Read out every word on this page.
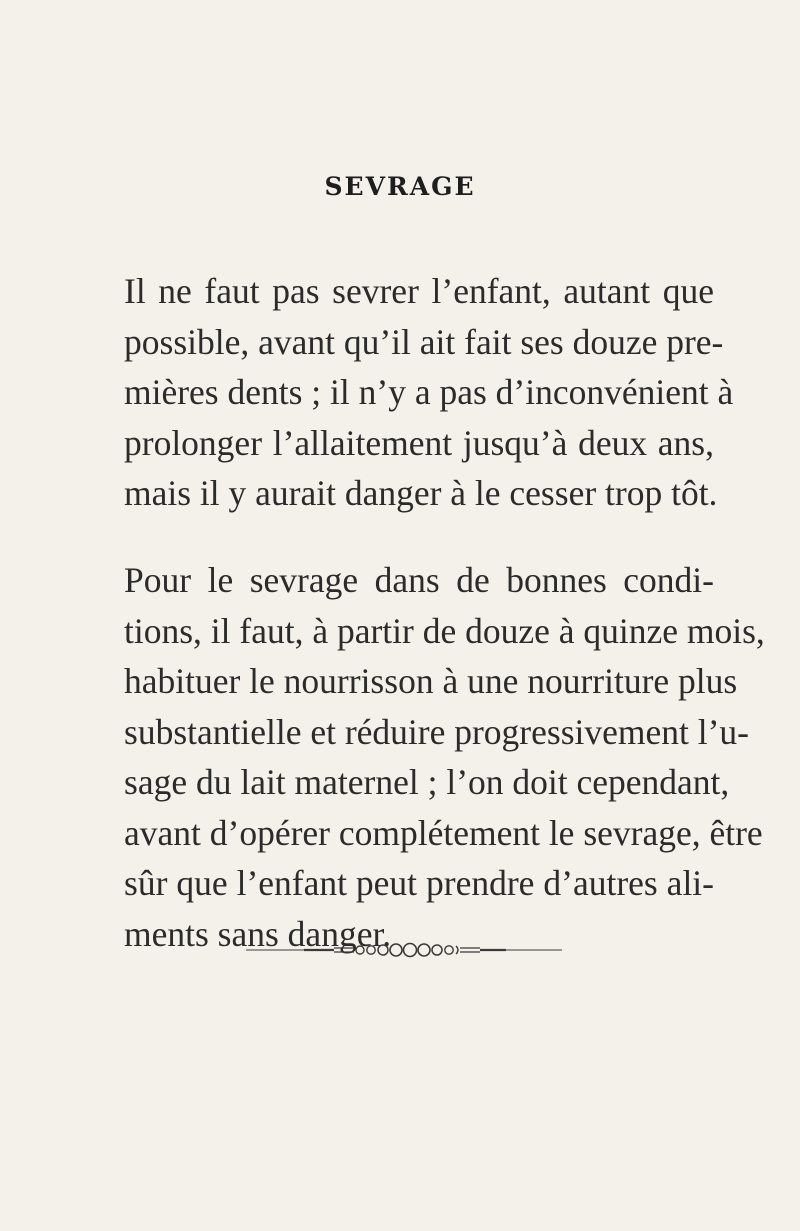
SEVRAGE

Il ne faut pas sevrer l’enfant, autant que
possible, avant qu’il ait fait ses douze pre-
mières dents ; il n’y a pas d’inconvénient à
prolonger l’allaitement jusqu’à deux ans,
mais il y aurait danger à le cesser trop tôt.

Pour le sevrage dans de bonnes condi-
tions, il faut, à partir de douze à quinze mois,
habituer le nourrisson à une nourriture plus
substantielle et réduire progressivement l’u-
sage du lait maternel ; l’on doit cependant,
avant d’opérer complétement le sevrage, être
sûr que l’enfant peut prendre d’autres ali-
ments sans danger.
